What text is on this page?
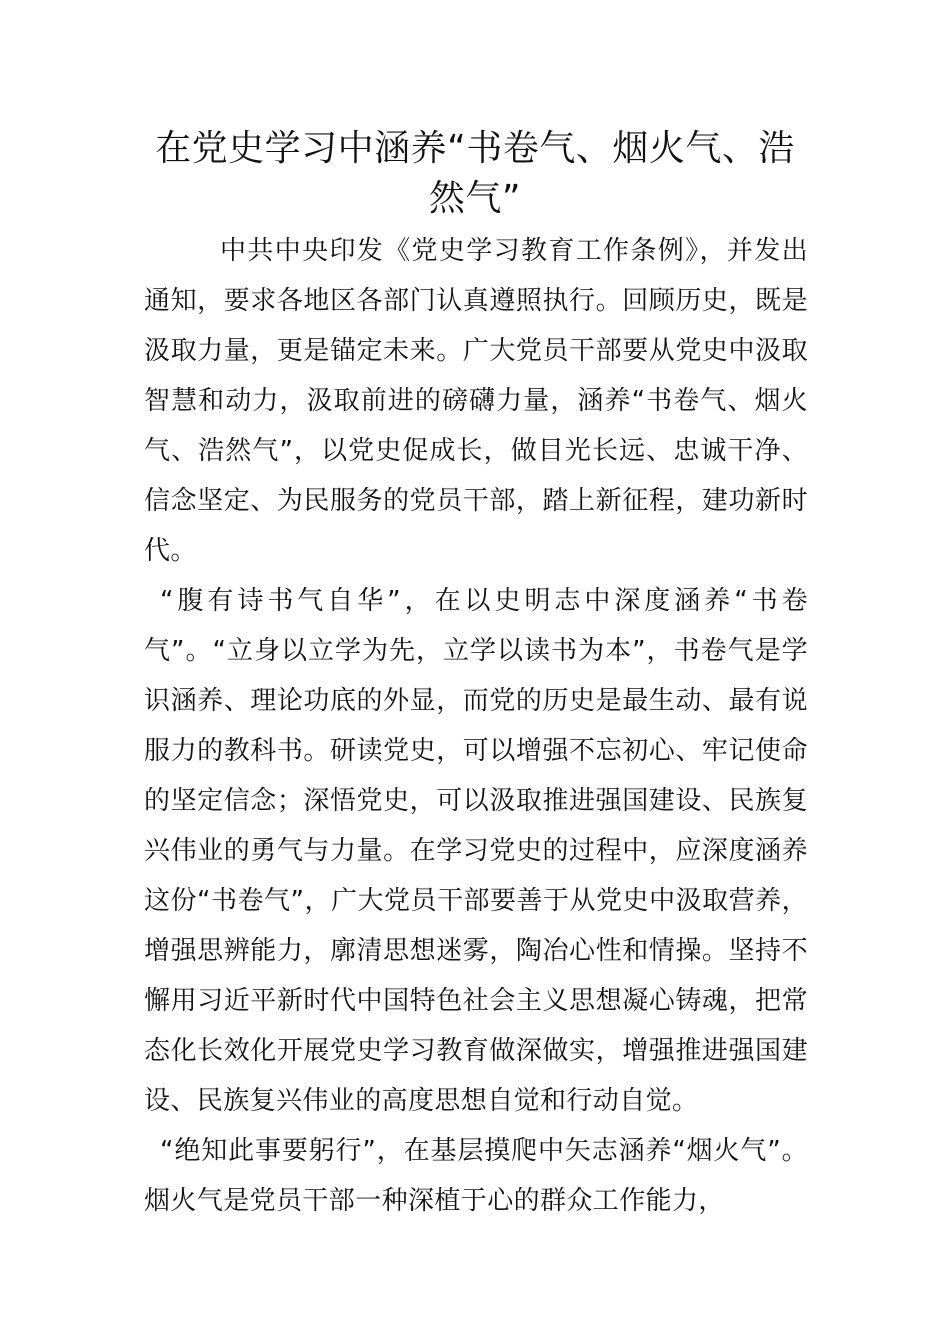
在党史学习中涵养“书卷气、烟火气、浩然气”

中共中央印发《党史学习教育工作条例》，并发出通知，要求各地区各部门认真遵照执行。回顾历史，既是汲取力量，更是锚定未来。广大党员干部要从党史中汲取智慧和动力，汲取前进的磅礴力量，涵养“书卷气、烟火气、浩然气”，以党史促成长，做目光长远、忠诚干净、信念坚定、为民服务的党员干部，踏上新征程，建功新时代。

“腹有诗书气自华”，在以史明志中深度涵养“书卷气”。“立身以立学为先，立学以读书为本”，书卷气是学识涵养、理论功底的外显，而党的历史是最生动、最有说服力的教科书。研读党史，可以增强不忘初心、牢记使命的坚定信念；深悟党史，可以汲取推进强国建设、民族复兴伟业的勇气与力量。在学习党史的过程中，应深度涵养这份“书卷气”，广大党员干部要善于从党史中汲取营养，增强思辨能力，廓清思想迷雾，陶冶心性和情操。坚持不懈用习近平新时代中国特色社会主义思想凝心铸魂，把常态化长效化开展党史学习教育做深做实，增强推进强国建设、民族复兴伟业的高度思想自觉和行动自觉。

“绝知此事要躬行”，在基层摸爬中矢志涵养“烟火气”。烟火气是党员干部一种深植于心的群众工作能力，
